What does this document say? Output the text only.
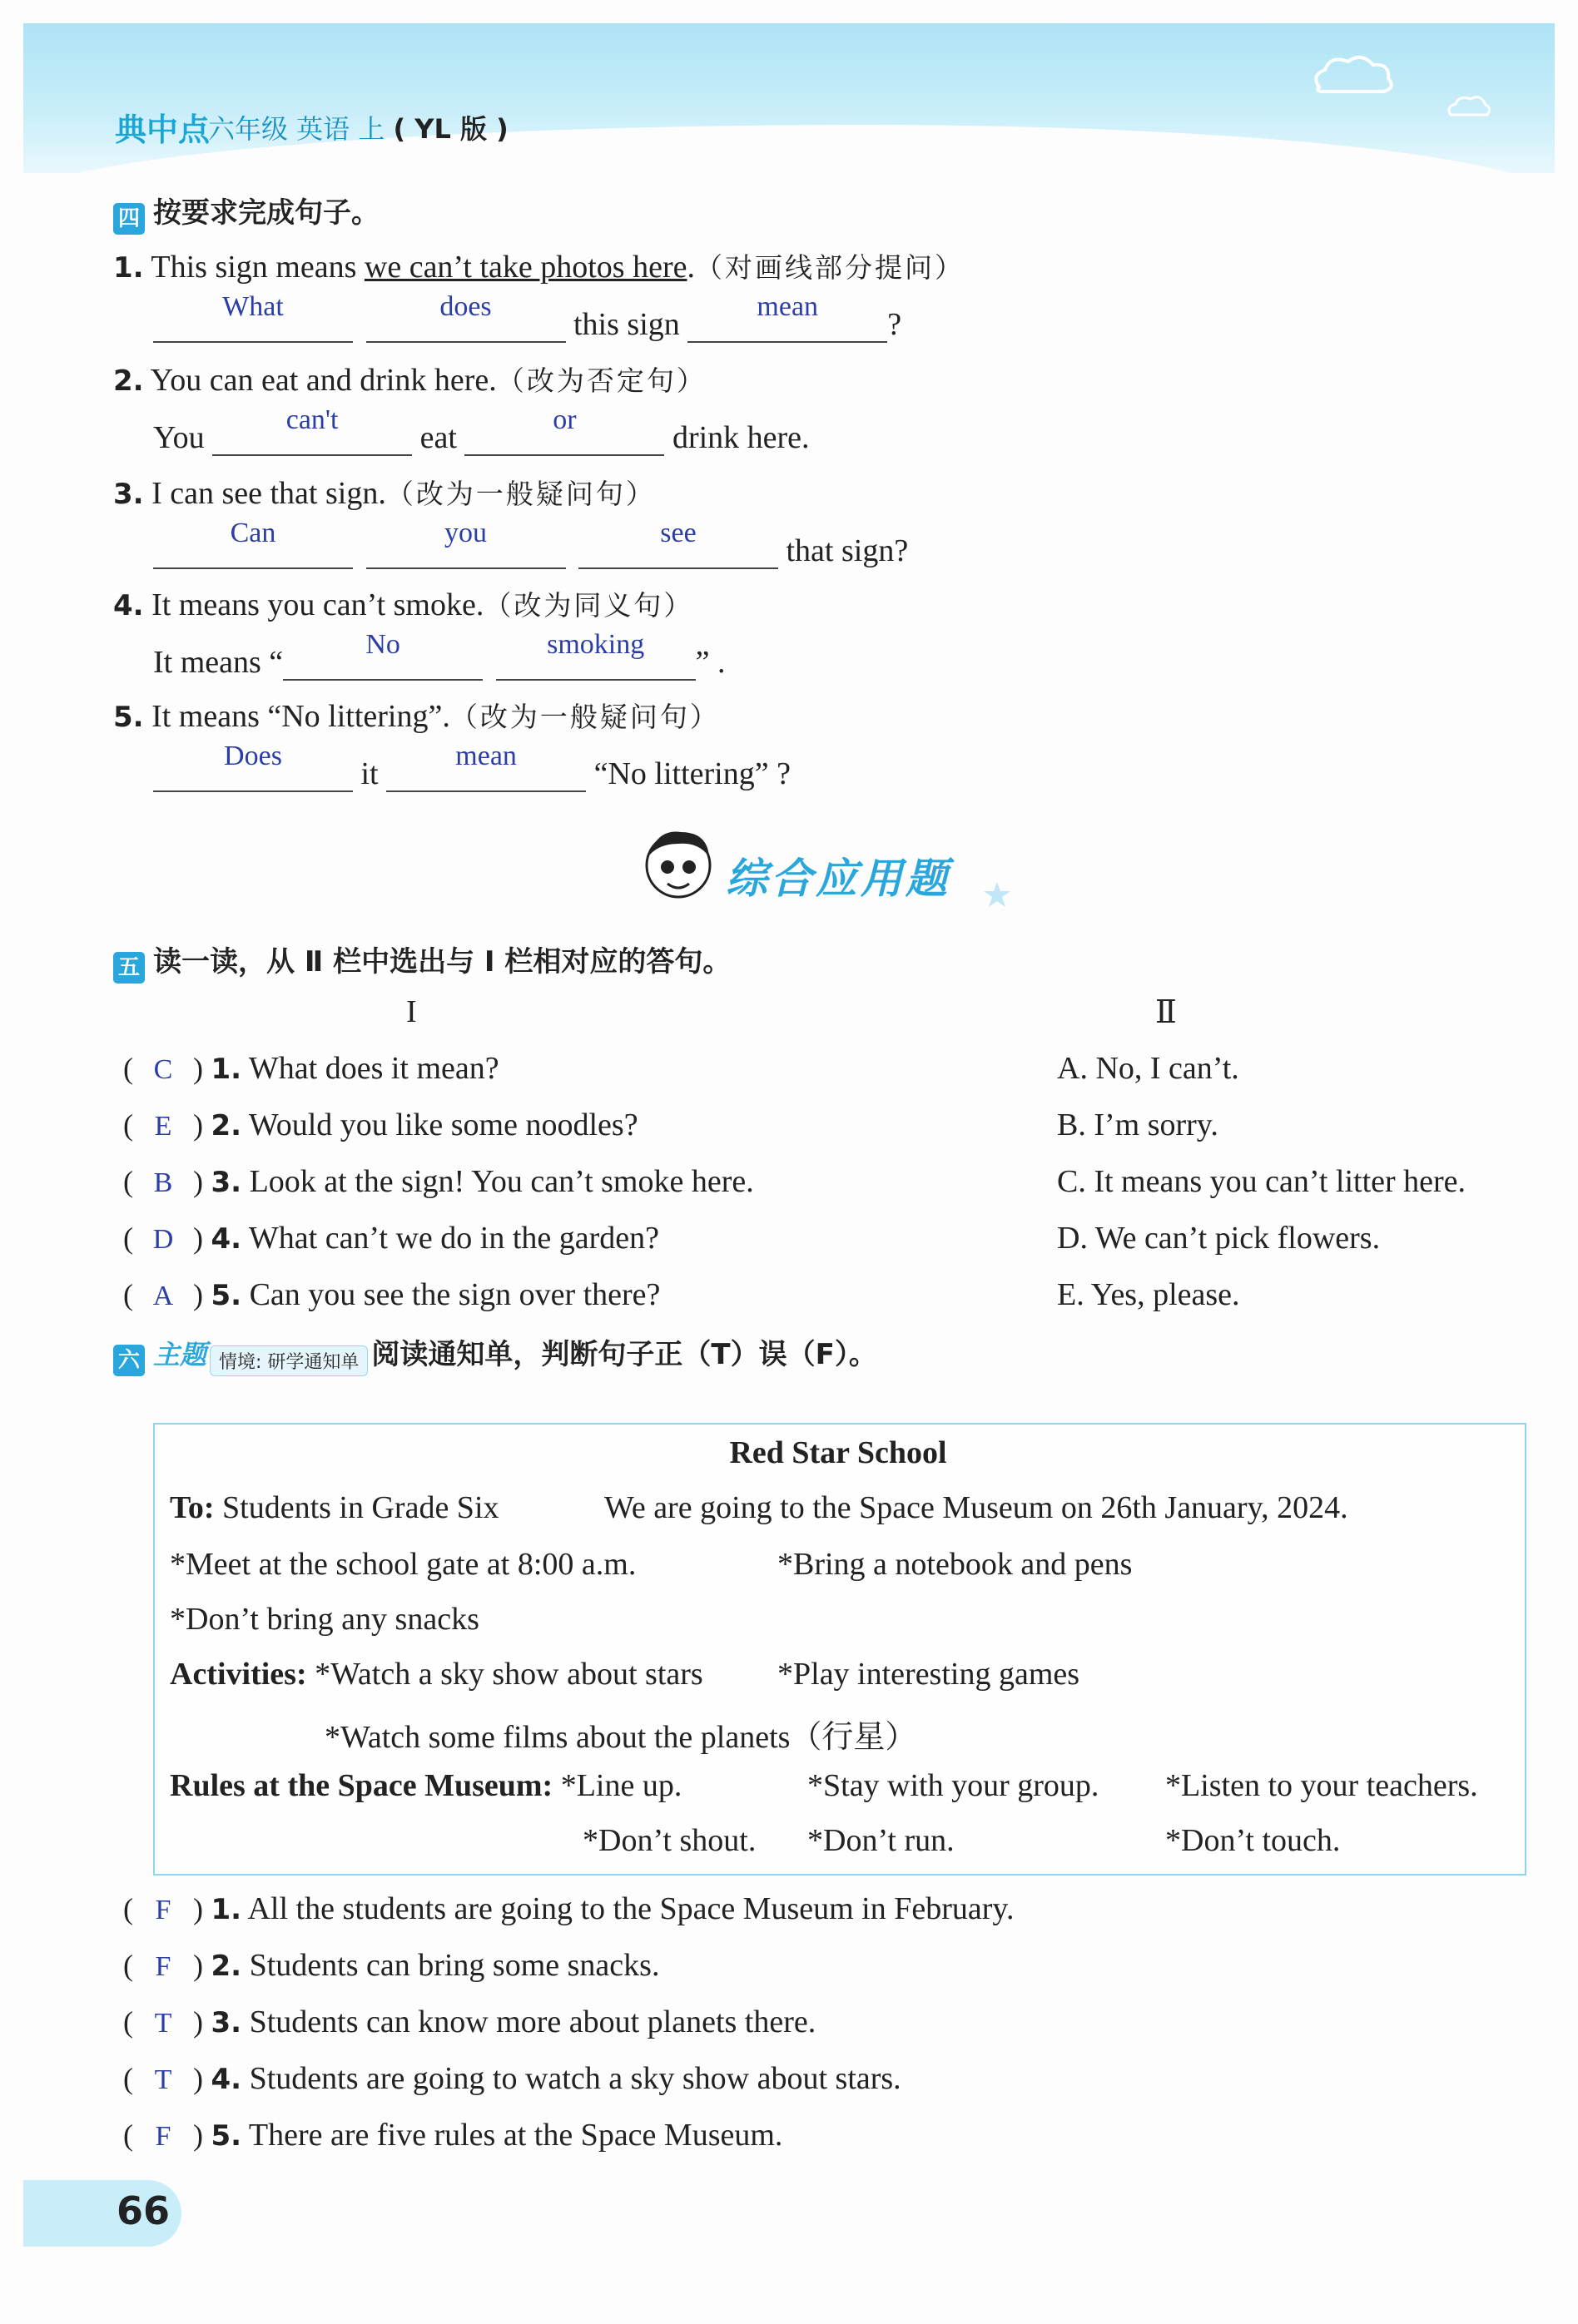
典中点
六年级 英语 上 ( YL 版 )
四 按要求完成句子。
1. This sign means we can’t take photos here.（对画线部分提问）
What
	does
this sign
mean
?
2. You can eat and drink here.（改为否定句）
You
can't
eat
or
drink here.
3. I can see that sign.（改为一般疑问句）
Can
	you
	see
that sign?
4. It means you can’t smoke.（改为同义句）
It means “
No
	smoking
” .
5. It means “No littering”.（改为一般疑问句）
Does
it
mean
“No littering” ?
综合应用题
五 读一读，从 Ⅱ 栏中选出与 Ⅰ 栏相对应的答句。
I	Ⅱ
( C ) 1. What does it mean?	A. No, I can’t.
( E ) 2. Would you like some noodles?	B. I’m sorry.
( B ) 3. Look at the sign! You can’t smoke here.	C. It means you can’t litter here.
( D ) 4. What can’t we do in the garden?	D. We can’t pick flowers.
( A ) 5. Can you see the sign over there?	E. Yes, please.
六 主题 情境: 研学通知单 阅读通知单，判断句子正（T）误（F）。
Red Star School
To: Students in Grade Six	We are going to the Space Museum on 26th January, 2024.
*Meet at the school gate at 8:00 a.m.	*Bring a notebook and pens
*Don’t bring any snacks
Activities: *Watch a sky show about stars *Play interesting games
*Watch some films about the planets（行星）
Rules at the Space Museum: *Line up.	*Stay with your group. *Listen to your teachers.
*Don’t shout. *Don’t run.	*Don’t touch.
( F ) 1. All the students are going to the Space Museum in February.
( F ) 2. Students can bring some snacks.
( T ) 3. Students can know more about planets there.
( T ) 4. Students are going to watch a sky show about stars.
( F ) 5. There are five rules at the Space Museum.
66
